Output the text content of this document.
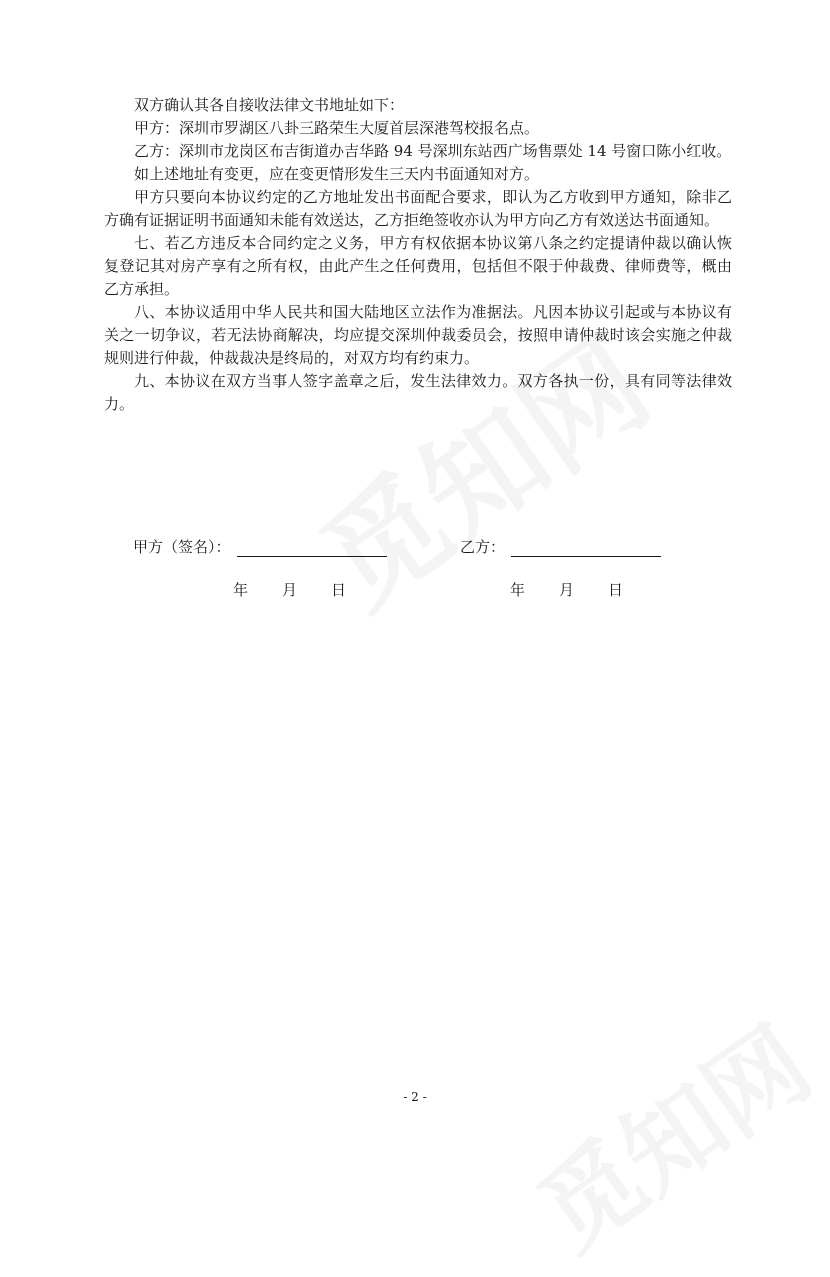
双方确认其各自接收法律文书地址如下：

甲方：深圳市罗湖区八卦三路荣生大厦首层深港驾校报名点。

乙方：深圳市龙岗区布吉街道办吉华路 94 号深圳东站西广场售票处 14 号窗口陈小红收。

如上述地址有变更，应在变更情形发生三天内书面通知对方。

甲方只要向本协议约定的乙方地址发出书面配合要求，即认为乙方收到甲方通知，除非乙方确有证据证明书面通知未能有效送达，乙方拒绝签收亦认为甲方向乙方有效送达书面通知。

七、若乙方违反本合同约定之义务，甲方有权依据本协议第八条之约定提请仲裁以确认恢复登记其对房产享有之所有权，由此产生之任何费用，包括但不限于仲裁费、律师费等，概由乙方承担。

八、本协议适用中华人民共和国大陆地区立法作为准据法。凡因本协议引起或与本协议有关之一切争议，若无法协商解决，均应提交深圳仲裁委员会，按照申请仲裁时该会实施之仲裁规则进行仲裁，仲裁裁决是终局的，对双方均有约束力。

九、本协议在双方当事人签字盖章之后，发生法律效力。双方各执一份，具有同等法律效力。

甲方（签名）：	乙方：
年 月 日	年 月 日
- 2 -
